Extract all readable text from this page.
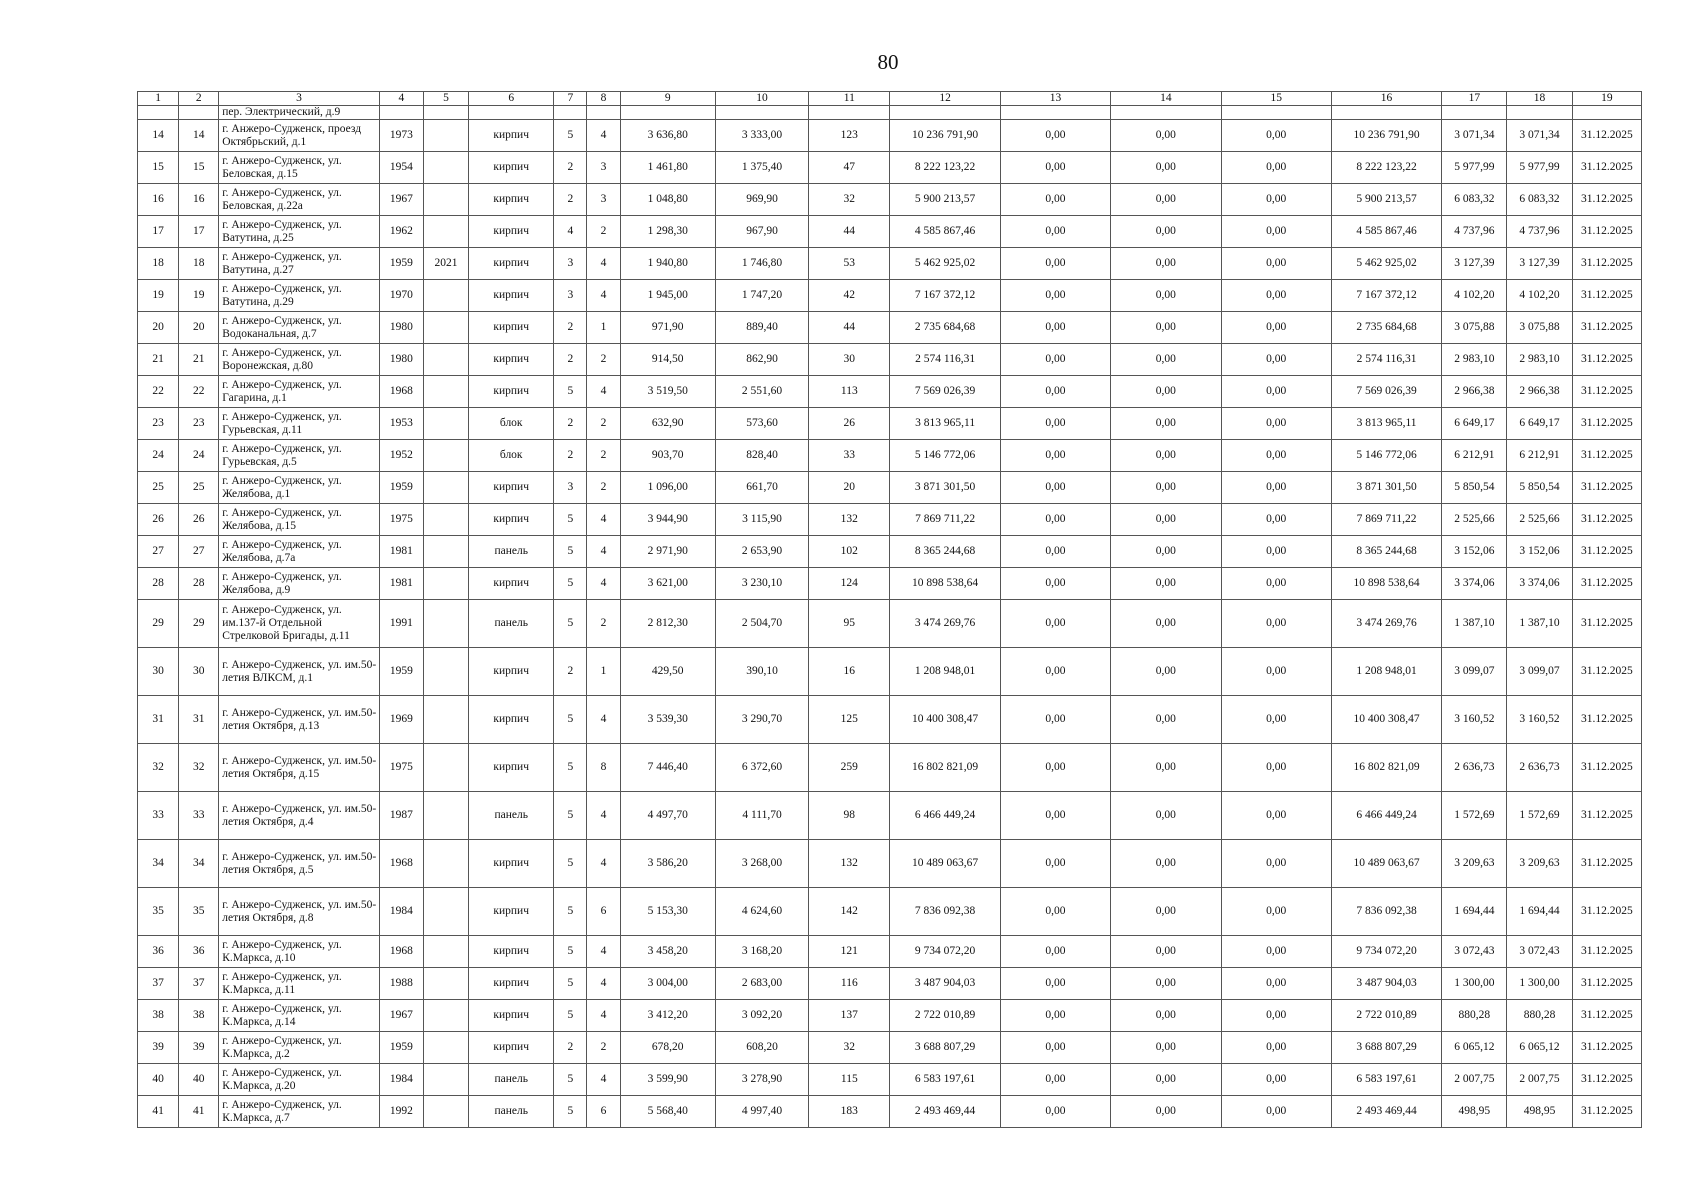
80
1	2	3	4	5	6	7	8	9	10	11	12	13	14	15	16	17	18	19
		пер. Электрический, д.9																
14	14	г. Анжеро-Судженск, проезд Октябрьский, д.1	1973		кирпич	5	4	3 636,80	3 333,00	123	10 236 791,90	0,00	0,00	0,00	10 236 791,90	3 071,34	3 071,34	31.12.2025
15	15	г. Анжеро-Судженск, ул. Беловская, д.15	1954		кирпич	2	3	1 461,80	1 375,40	47	8 222 123,22	0,00	0,00	0,00	8 222 123,22	5 977,99	5 977,99	31.12.2025
16	16	г. Анжеро-Судженск, ул. Беловская, д.22а	1967		кирпич	2	3	1 048,80	969,90	32	5 900 213,57	0,00	0,00	0,00	5 900 213,57	6 083,32	6 083,32	31.12.2025
17	17	г. Анжеро-Судженск, ул. Ватутина, д.25	1962		кирпич	4	2	1 298,30	967,90	44	4 585 867,46	0,00	0,00	0,00	4 585 867,46	4 737,96	4 737,96	31.12.2025
18	18	г. Анжеро-Судженск, ул. Ватутина, д.27	1959	2021	кирпич	3	4	1 940,80	1 746,80	53	5 462 925,02	0,00	0,00	0,00	5 462 925,02	3 127,39	3 127,39	31.12.2025
19	19	г. Анжеро-Судженск, ул. Ватутина, д.29	1970		кирпич	3	4	1 945,00	1 747,20	42	7 167 372,12	0,00	0,00	0,00	7 167 372,12	4 102,20	4 102,20	31.12.2025
20	20	г. Анжеро-Судженск, ул. Водоканальная, д.7	1980		кирпич	2	1	971,90	889,40	44	2 735 684,68	0,00	0,00	0,00	2 735 684,68	3 075,88	3 075,88	31.12.2025
21	21	г. Анжеро-Судженск, ул. Воронежская, д.80	1980		кирпич	2	2	914,50	862,90	30	2 574 116,31	0,00	0,00	0,00	2 574 116,31	2 983,10	2 983,10	31.12.2025
22	22	г. Анжеро-Судженск, ул. Гагарина, д.1	1968		кирпич	5	4	3 519,50	2 551,60	113	7 569 026,39	0,00	0,00	0,00	7 569 026,39	2 966,38	2 966,38	31.12.2025
23	23	г. Анжеро-Судженск, ул. Гурьевская, д.11	1953		блок	2	2	632,90	573,60	26	3 813 965,11	0,00	0,00	0,00	3 813 965,11	6 649,17	6 649,17	31.12.2025
24	24	г. Анжеро-Судженск, ул. Гурьевская, д.5	1952		блок	2	2	903,70	828,40	33	5 146 772,06	0,00	0,00	0,00	5 146 772,06	6 212,91	6 212,91	31.12.2025
25	25	г. Анжеро-Судженск, ул. Желябова, д.1	1959		кирпич	3	2	1 096,00	661,70	20	3 871 301,50	0,00	0,00	0,00	3 871 301,50	5 850,54	5 850,54	31.12.2025
26	26	г. Анжеро-Судженск, ул. Желябова, д.15	1975		кирпич	5	4	3 944,90	3 115,90	132	7 869 711,22	0,00	0,00	0,00	7 869 711,22	2 525,66	2 525,66	31.12.2025
27	27	г. Анжеро-Судженск, ул. Желябова, д.7а	1981		панель	5	4	2 971,90	2 653,90	102	8 365 244,68	0,00	0,00	0,00	8 365 244,68	3 152,06	3 152,06	31.12.2025
28	28	г. Анжеро-Судженск, ул. Желябова, д.9	1981		кирпич	5	4	3 621,00	3 230,10	124	10 898 538,64	0,00	0,00	0,00	10 898 538,64	3 374,06	3 374,06	31.12.2025
29	29	г. Анжеро-Судженск, ул. им.137-й Отдельной Стрелковой Бригады, д.11	1991		панель	5	2	2 812,30	2 504,70	95	3 474 269,76	0,00	0,00	0,00	3 474 269,76	1 387,10	1 387,10	31.12.2025
30	30	г. Анжеро-Судженск, ул. им.50-летия ВЛКСМ, д.1	1959		кирпич	2	1	429,50	390,10	16	1 208 948,01	0,00	0,00	0,00	1 208 948,01	3 099,07	3 099,07	31.12.2025
31	31	г. Анжеро-Судженск, ул. им.50-летия Октября, д.13	1969		кирпич	5	4	3 539,30	3 290,70	125	10 400 308,47	0,00	0,00	0,00	10 400 308,47	3 160,52	3 160,52	31.12.2025
32	32	г. Анжеро-Судженск, ул. им.50-летия Октября, д.15	1975		кирпич	5	8	7 446,40	6 372,60	259	16 802 821,09	0,00	0,00	0,00	16 802 821,09	2 636,73	2 636,73	31.12.2025
33	33	г. Анжеро-Судженск, ул. им.50-летия Октября, д.4	1987		панель	5	4	4 497,70	4 111,70	98	6 466 449,24	0,00	0,00	0,00	6 466 449,24	1 572,69	1 572,69	31.12.2025
34	34	г. Анжеро-Судженск, ул. им.50-летия Октября, д.5	1968		кирпич	5	4	3 586,20	3 268,00	132	10 489 063,67	0,00	0,00	0,00	10 489 063,67	3 209,63	3 209,63	31.12.2025
35	35	г. Анжеро-Судженск, ул. им.50-летия Октября, д.8	1984		кирпич	5	6	5 153,30	4 624,60	142	7 836 092,38	0,00	0,00	0,00	7 836 092,38	1 694,44	1 694,44	31.12.2025
36	36	г. Анжеро-Судженск, ул. К.Маркса, д.10	1968		кирпич	5	4	3 458,20	3 168,20	121	9 734 072,20	0,00	0,00	0,00	9 734 072,20	3 072,43	3 072,43	31.12.2025
37	37	г. Анжеро-Судженск, ул. К.Маркса, д.11	1988		кирпич	5	4	3 004,00	2 683,00	116	3 487 904,03	0,00	0,00	0,00	3 487 904,03	1 300,00	1 300,00	31.12.2025
38	38	г. Анжеро-Судженск, ул. К.Маркса, д.14	1967		кирпич	5	4	3 412,20	3 092,20	137	2 722 010,89	0,00	0,00	0,00	2 722 010,89	880,28	880,28	31.12.2025
39	39	г. Анжеро-Судженск, ул. К.Маркса, д.2	1959		кирпич	2	2	678,20	608,20	32	3 688 807,29	0,00	0,00	0,00	3 688 807,29	6 065,12	6 065,12	31.12.2025
40	40	г. Анжеро-Судженск, ул. К.Маркса, д.20	1984		панель	5	4	3 599,90	3 278,90	115	6 583 197,61	0,00	0,00	0,00	6 583 197,61	2 007,75	2 007,75	31.12.2025
41	41	г. Анжеро-Судженск, ул. К.Маркса, д.7	1992		панель	5	6	5 568,40	4 997,40	183	2 493 469,44	0,00	0,00	0,00	2 493 469,44	498,95	498,95	31.12.2025
